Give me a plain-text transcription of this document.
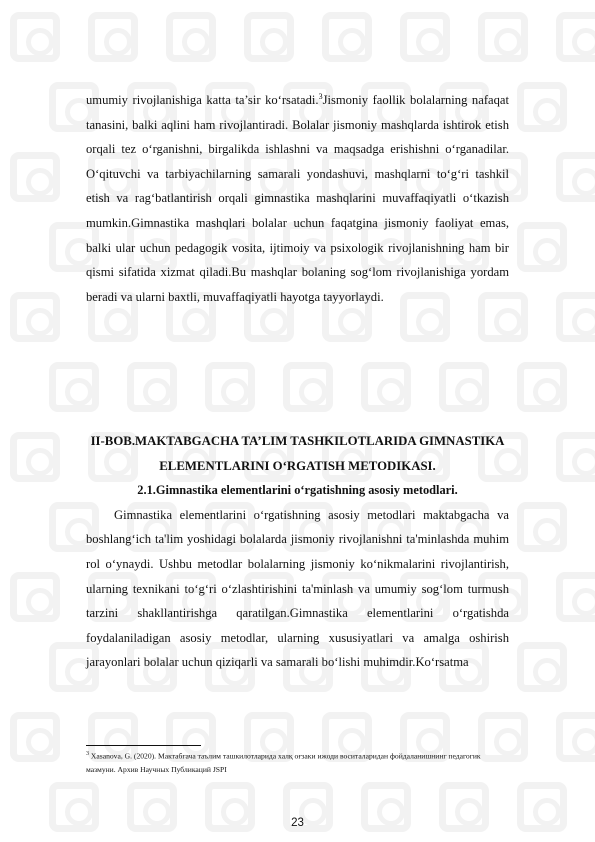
umumiy rivojlanishiga katta ta’sir ko‘rsatadi.$^3$Jismoniy faollik bolalarning nafaqat tanasini, balki aqlini ham rivojlantiradi. Bolalar jismoniy mashqlarda ishtirok etish orqali tez o‘rganishni, birgalikda ishlashni va maqsadga erishishni o‘rganadilar. O‘qituvchi va tarbiyachilarning samarali yondashuvi, mashqlarni to‘g‘ri tashkil etish va rag‘batlantirish orqali gimnastika mashqlarini muvaffaqiyatli o‘tkazish mumkin.Gimnastika mashqlari bolalar uchun faqatgina jismoniy faoliyat emas, balki ular uchun pedagogik vosita, ijtimoiy va psixologik rivojlanishning ham bir qismi sifatida xizmat qiladi.Bu mashqlar bolaning sog‘lom rivojlanishiga yordam beradi va ularni baxtli, muvaffaqiyatli hayotga tayyorlaydi.

II-BOB.MAKTABGACHA TA’LIM TASHKILOTLARIDA GIMNASTIKA ELEMENTLARINI O‘RGATISH METODIKASI.

2.1.Gimnastika elementlarini o‘rgatishning asosiy metodlari.

Gimnastika elementlarini o‘rgatishning asosiy metodlari maktabgacha va boshlang‘ich ta'lim yoshidagi bolalarda jismoniy rivojlanishni ta'minlashda muhim rol o‘ynaydi. Ushbu metodlar bolalarning jismoniy ko‘nikmalarini rivojlantirish, ularning texnikani to‘g‘ri o‘zlashtirishini ta'minlash va umumiy sog‘lom turmush tarzini shakllantirishga qaratilgan.Gimnastika elementlarini o‘rgatishda foydalaniladigan asosiy metodlar, ularning xususiyatlari va amalga oshirish jarayonlari bolalar uchun qiziqarli va samarali bo‘lishi muhimdir.Ko‘rsatma

$^3$ Xasanova, G. (2020). Мактабгача таълим ташкилотларида халқ оғзаки ижоди воситаларидан фойдаланишнинг педагогик мазмуни. Архив Научных Публикаций JSPI
23
